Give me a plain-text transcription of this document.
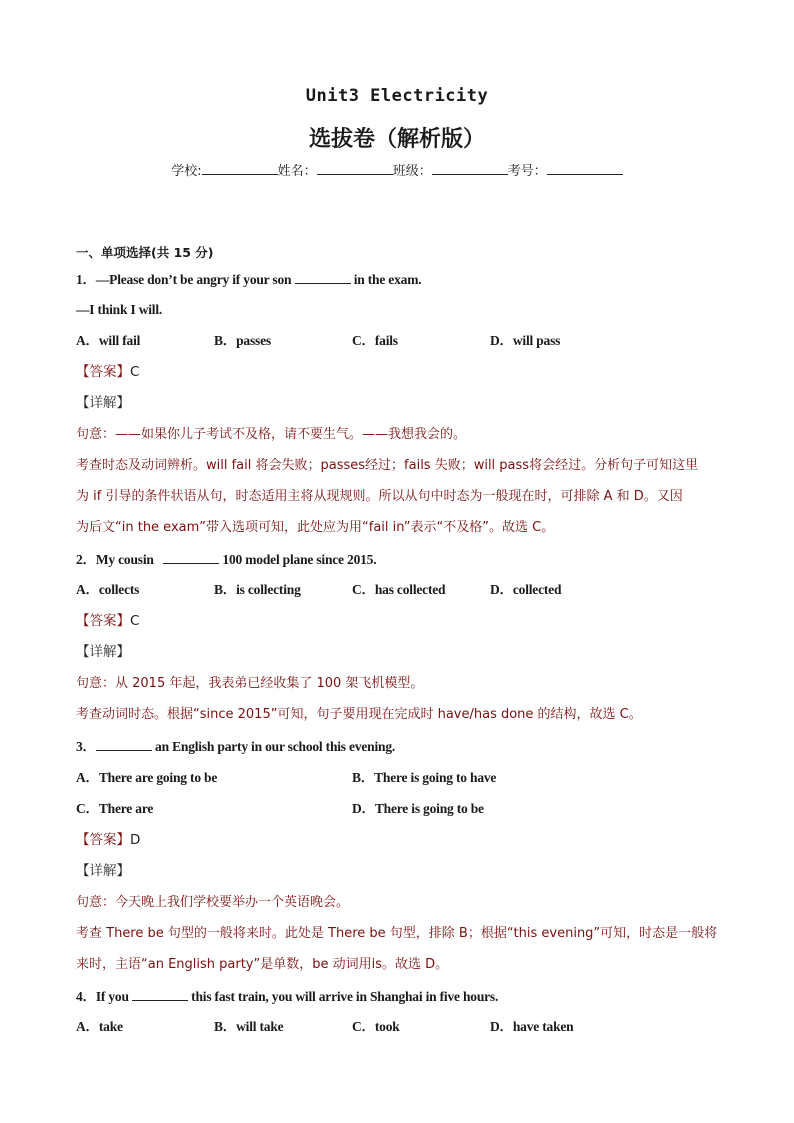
Unit3 Electricity
选拔卷（解析版）
学校:	姓名：	班级：	考号：
一、单项选择(共 15 分)
1．—Please don’t be angry if your son	in the exam.
—I think I will.
A．will fail	B．passes	C．fails	D．will pass
【答案】C
【详解】
句意：——如果你儿子考试不及格，请不要生气。——我想我会的。
考查时态及动词辨析。will fail 将会失败；passes经过；fails 失败；will pass将会经过。分析句子可知这里
为 if 引导的条件状语从句，时态适用主将从现规则。所以从句中时态为一般现在时，可排除 A 和 D。又因
为后文“in the exam”带入选项可知，此处应为用“fail in”表示“不及格”。故选 C。
2．My cousin	100 model plane since 2015.
A．collects	B．is collecting	C．has collected	D．collected
【答案】C
【详解】
句意：从 2015 年起，我表弟已经收集了 100 架飞机模型。
考查动词时态。根据“since 2015”可知，句子要用现在完成时 have/has done 的结构，故选 C。
3．	an English party in our school this evening.
A．There are going to be	B．There is going to have
C．There are	D．There is going to be
【答案】D
【详解】
句意：今天晚上我们学校要举办一个英语晚会。
考查 There be 句型的一般将来时。此处是 There be 句型，排除 B；根据“this evening”可知，时态是一般将
来时，主语“an English party”是单数，be 动词用is。故选 D。
4．If you	this fast train, you will arrive in Shanghai in five hours.
A．take	B．will take	C．took	D．have taken
